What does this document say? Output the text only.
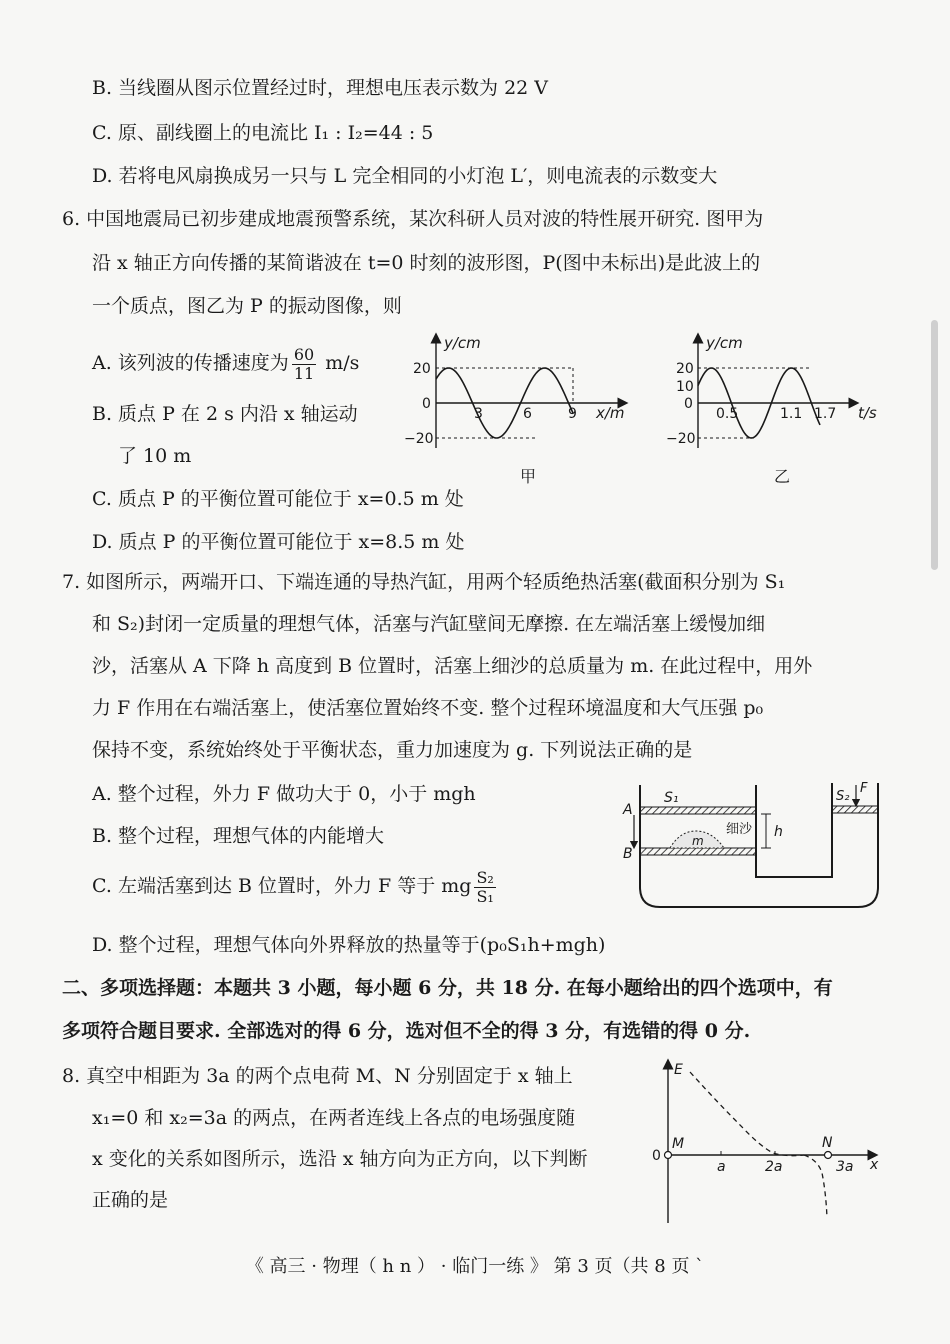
B. 当线圈从图示位置经过时，理想电压表示数为 22 V
C. 原、副线圈上的电流比 I₁ : I₂=44 : 5
D. 若将电风扇换成另一只与 L 完全相同的小灯泡 L′，则电流表的示数变大
6. 中国地震局已初步建成地震预警系统，某次科研人员对波的特性展开研究. 图甲为
沿 x 轴正方向传播的某简谐波在 t=0 时刻的波形图，P(图中未标出)是此波上的
一个质点，图乙为 P 的振动图像，则
A. 该列波的传播速度为 $\frac{60}{11} m/s$
B. 质点 P 在 2 s 内沿 x 轴运动
了 10 m
C. 质点 P 的平衡位置可能位于 x=0.5 m 处
D. 质点 P 的平衡位置可能位于 x=8.5 m 处
y/cm
20
0
−20
3	6	9 x/m
甲
y/cm
20
10
0
−20
0.5	1.1 1.7 t/s
乙
7. 如图所示，两端开口、下端连通的导热汽缸，用两个轻质绝热活塞(截面积分别为 S₁
和 S₂)封闭一定质量的理想气体，活塞与汽缸壁间无摩擦. 在左端活塞上缓慢加细
沙，活塞从 A 下降 h 高度到 B 位置时，活塞上细沙的总质量为 m. 在此过程中，用外
力 F 作用在右端活塞上，使活塞位置始终不变. 整个过程环境温度和大气压强 p₀
保持不变，系统始终处于平衡状态，重力加速度为 g. 下列说法正确的是
A. 整个过程，外力 F 做功大于 0，小于 mgh
B. 整个过程，理想气体的内能增大
C. 左端活塞到达 B 位置时，外力 F 等于 mg $\frac{\text{S₂}}{\text{S₁}}$
D. 整个过程，理想气体向外界释放的热量等于(p₀S₁h+mgh)
S₁	S₂
F
A
B
h
m
细沙
二、多项选择题：本题共 3 小题，每小题 6 分，共 18 分. 在每小题给出的四个选项中，有
多项符合题目要求. 全部选对的得 6 分，选对但不全的得 3 分，有选错的得 0 分.
8. 真空中相距为 3a 的两个点电荷 M、N 分别固定于 x 轴上
x₁=0 和 x₂=3a 的两点，在两者连线上各点的电场强度随
x 变化的关系如图所示，选沿 x 轴方向为正方向，以下判断
正确的是
E
M	N
0
a	2a	3a x
《 高三 · 物理（ h n ） · 临门一练 》 第 3 页（共 8 页 `
